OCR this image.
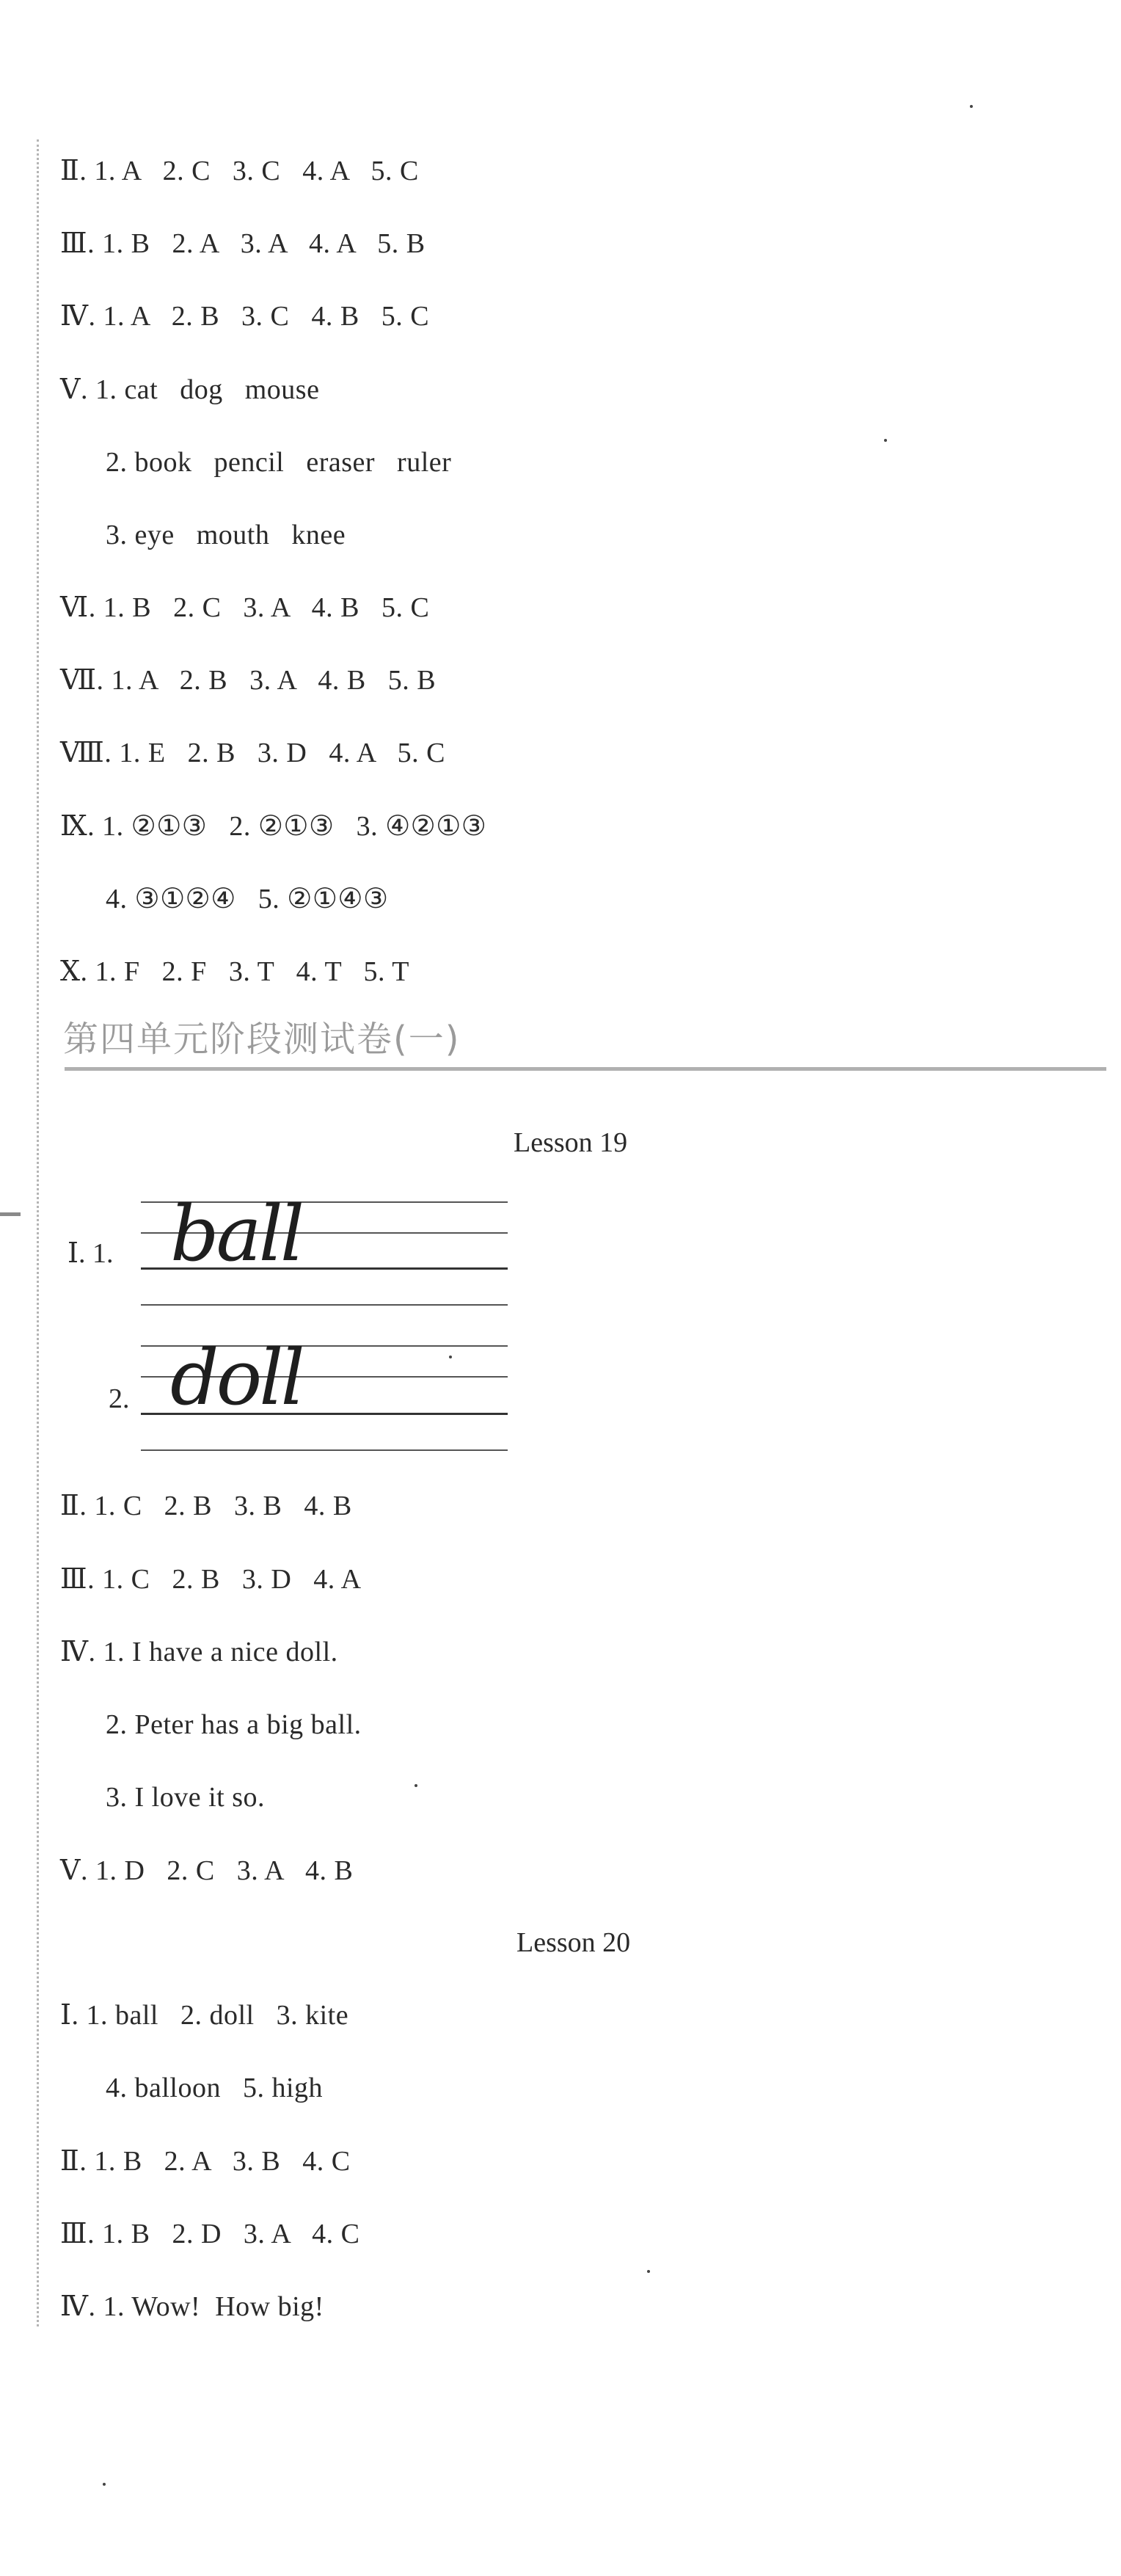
Ⅱ. 1. A   2. C   3. C   4. A   5. C
Ⅲ. 1. B   2. A   3. A   4. A   5. B
Ⅳ. 1. A   2. B   3. C   4. B   5. C
Ⅴ. 1. cat   dog   mouse
2. book   pencil   eraser   ruler
3. eye   mouth   knee
Ⅵ. 1. B   2. C   3. A   4. B   5. C
Ⅶ. 1. A   2. B   3. A   4. B   5. B
Ⅷ. 1. E   2. B   3. D   4. A   5. C
Ⅸ. 1. ②①③   2. ②①③   3. ④②①③
4. ③①②④   5. ②①④③
Ⅹ. 1. F   2. F   3. T   4. T   5. T
第四单元阶段测试卷(一)
Lesson 19
Ⅰ. 1. ball
2. doll
Ⅱ. 1. C   2. B   3. B   4. B
Ⅲ. 1. C   2. B   3. D   4. A
Ⅳ. 1. I have a nice doll.
2. Peter has a big ball.
3. I love it so.
Ⅴ. 1. D   2. C   3. A   4. B
Lesson 20
Ⅰ. 1. ball   2. doll   3. kite
4. balloon   5. high
Ⅱ. 1. B   2. A   3. B   4. C
Ⅲ. 1. B   2. D   3. A   4. C
Ⅳ. 1. Wow!  How big!
